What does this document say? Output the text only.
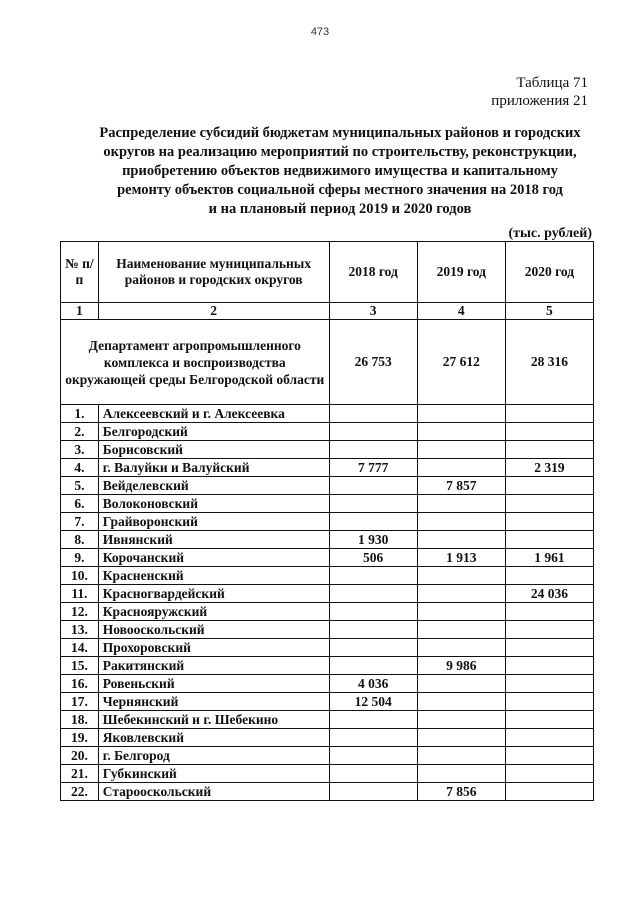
473
Таблица 71
приложения 21
Распределение субсидий бюджетам муниципальных районов и городских
округов на реализацию мероприятий по строительству, реконструкции,
приобретению объектов недвижимого имущества и капитальному
ремонту объектов социальной сферы местного значения на 2018 год
и на плановый период 2019 и 2020 годов
(тыс. рублей)
№ п/п	Наименование муниципальных районов и городских округов	2018 год	2019 год	2020 год
1	2	3	4	5
Департамент агропромышленного комплекса и воспроизводства окружающей среды Белгородской области		26 753	27 612	28 316
1.	Алексеевский и г. Алексеевка			
2.	Белгородский			
3.	Борисовский			
4.	г. Валуйки и Валуйский	7 777		2 319
5.	Вейделевский		7 857	
6.	Волоконовский			
7.	Грайворонский			
8.	Ивнянский	1 930		
9.	Корочанский	506	1 913	1 961
10.	Красненский			
11.	Красногвардейский			24 036
12.	Краснояружский			
13.	Новооскольский			
14.	Прохоровский			
15.	Ракитянский		9 986	
16.	Ровеньский	4 036		
17.	Чернянский	12 504		
18.	Шебекинский и г. Шебекино			
19.	Яковлевский			
20.	г. Белгород			
21.	Губкинский			
22.	Старооскольский		7 856	
